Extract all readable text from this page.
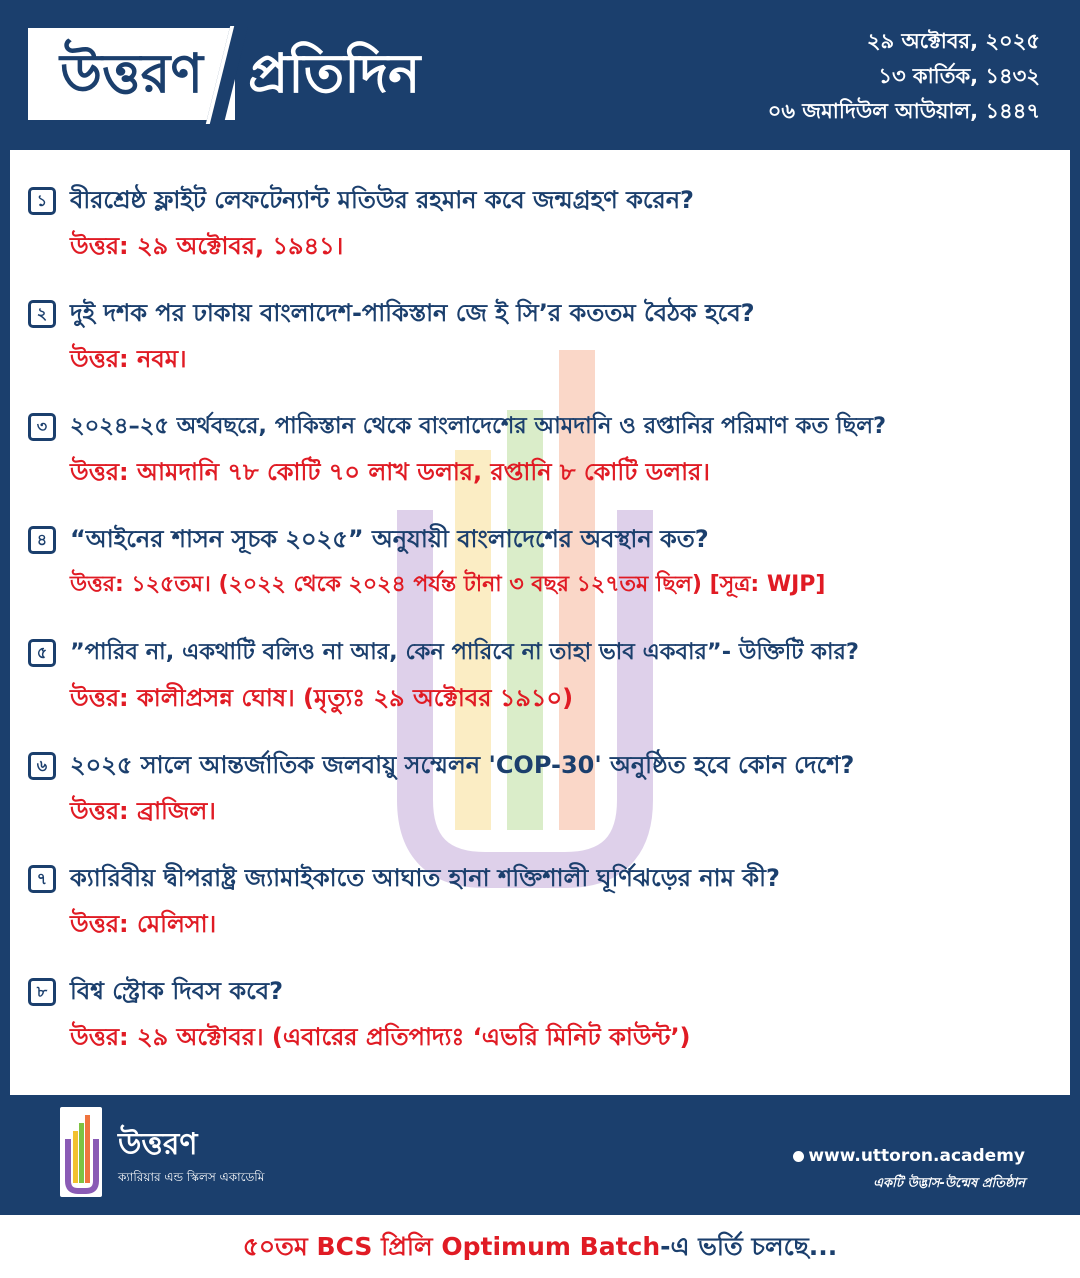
উত্তরণ প্রতিদিন
২৯ অক্টোবর, ২০২৫
১৩ কার্তিক, ১৪৩২
০৬ জমাদিউল আউয়াল, ১৪৪৭
১ বীরশ্রেষ্ঠ ফ্লাইট লেফটেন্যান্ট মতিউর রহমান কবে জন্মগ্রহণ করেন?
উত্তর: ২৯ অক্টোবর, ১৯৪১।
২ দুই দশক পর ঢাকায় বাংলাদেশ-পাকিস্তান জে ই সি’র কততম বৈঠক হবে?
উত্তর: নবম।
৩	২০২৪–২৫ অর্থবছরে, পাকিস্তান থেকে বাংলাদেশের আমদানি ও রপ্তানির পরিমাণ কত ছিল?
উত্তর: আমদানি ৭৮ কোটি ৭০ লাখ ডলার, রপ্তানি ৮ কোটি ডলার।
৪ “আইনের শাসন সূচক ২০২৫” অনুযায়ী বাংলাদেশের অবস্থান কত?
উত্তর: ১২৫তম। (২০২২ থেকে ২০২৪ পর্যন্ত টানা ৩ বছর ১২৭তম ছিল) [সূত্র: WJP]
৫	”পারিব না, একথাটি বলিও না আর, কেন পারিবে না তাহা ভাব একবার”- উক্তিটি কার?
উত্তর: কালীপ্রসন্ন ঘোষ। (মৃত্যুঃ ২৯ অক্টোবর ১৯১০)
৬ ২০২৫ সালে আন্তর্জাতিক জলবায়ু সম্মেলন 'COP-30' অনুষ্ঠিত হবে কোন দেশে?
উত্তর: ব্রাজিল।
৭ ক্যারিবীয় দ্বীপরাষ্ট্র জ্যামাইকাতে আঘাত হানা শক্তিশালী ঘূর্ণিঝড়ের নাম কী?
উত্তর: মেলিসা।
৮ বিশ্ব স্ট্রোক দিবস কবে?
উত্তর: ২৯ অক্টোবর। (এবারের প্রতিপাদ্যঃ ‘এভরি মিনিট কাউন্ট’)
উত্তরণ
ক্যারিয়ার এন্ড স্কিলস একাডেমি
www.uttoron.academy
একটি উদ্ভাস-উন্মেষ প্রতিষ্ঠান
৫০তম BCS প্রিলি Optimum Batch-এ ভর্তি চলছে...
